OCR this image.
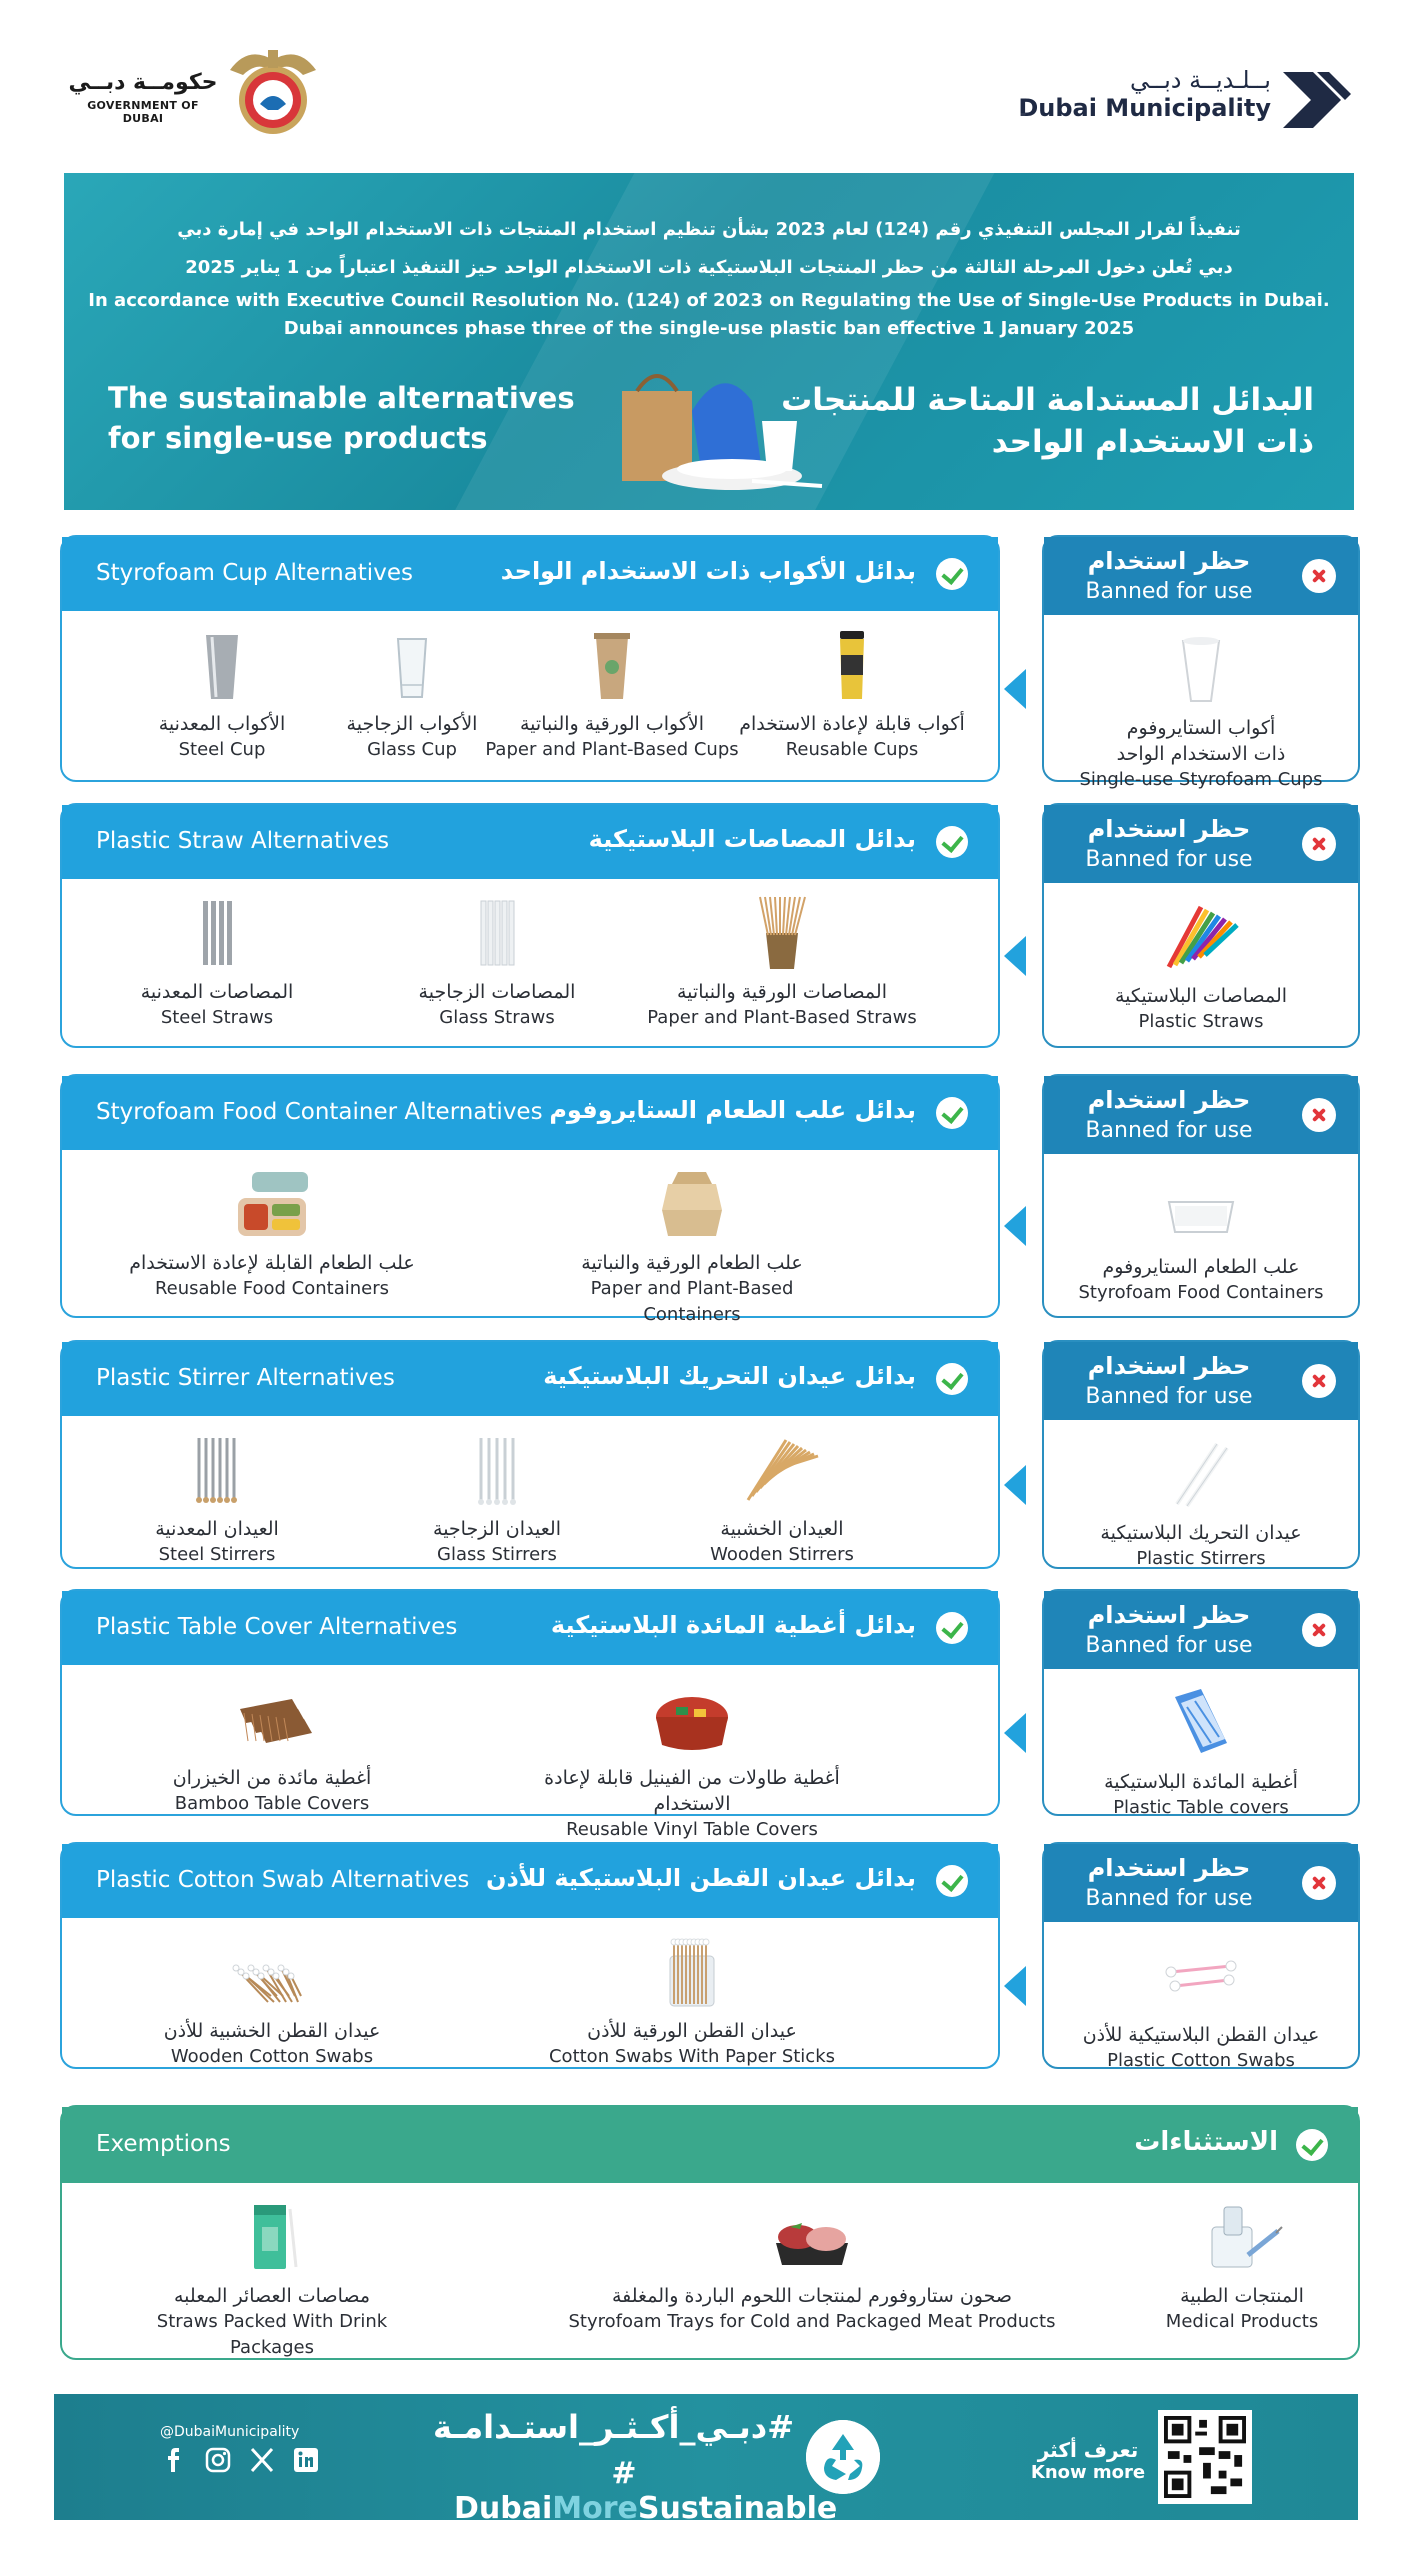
حكومــة دبــي
GOVERNMENT OF DUBAI
بــلـديــة دبــي
Dubai Municipality
تنفيذاً لقرار المجلس التنفيذي رقم (124) لعام 2023 بشأن تنظيم استخدام المنتجات ذات الاستخدام الواحد في إمارة دبي
دبي تُعلن دخول المرحلة الثالثة من حظر المنتجات البلاستيكية ذات الاستخدام الواحد حيز التنفيذ اعتباراً من 1 يناير 2025
In accordance with Executive Council Resolution No. (124) of 2023 on Regulating the Use of Single-Use Products in Dubai.
Dubai announces phase three of the single-use plastic ban effective 1 January 2025
The sustainable alternatives
for single-use products
البدائل المستدامة المتاحة للمنتجات
ذات الاستخدام الواحد
Styrofoam Cup Alternatives	بدائل الأكواب ذات الاستخدام الواحد
أكواب قابلة لإعادة الاستخدام
Reusable Cups
الأكواب الورقية والنباتية
Paper and Plant-Based Cups
الأكواب الزجاجية
Glass Cup
الأكواب المعدنية
Steel Cup
حظر استخدام
Banned for use
أكواب الستايروفوم
ذات الاستخدام الواحد
Single-use Styrofoam Cups
Plastic Straw Alternatives	بدائل المصاصات البلاستيكية
المصاصات الورقية والنباتية
Paper and Plant-Based Straws
المصاصات الزجاجية
Glass Straws
المصاصات المعدنية
Steel Straws
حظر استخدام
Banned for use
المصاصات البلاستيكية
Plastic Straws
Styrofoam Food Container Alternatives بدائل علب الطعام الستايروفوم
علب الطعام الورقية والنباتية
Paper and Plant-Based Containers
علب الطعام القابلة لإعادة الاستخدام
Reusable Food Containers
حظر استخدام
Banned for use
علب الطعام الستايروفوم
Styrofoam Food Containers
Plastic Stirrer Alternatives	بدائل عيدان التحريك البلاستيكية
العيدان الخشبية
Wooden Stirrers
العيدان الزجاجية
Glass Stirrers
العيدان المعدنية
Steel Stirrers
حظر استخدام
Banned for use
عيدان التحريك البلاستيكية
Plastic Stirrers
Plastic Table Cover Alternatives	بدائل أغطية المائدة البلاستيكية
أغطية طاولات من الفينيل قابلة لإعادة الاستخدام
Reusable Vinyl Table Covers
أغطية مائدة من الخيزران
Bamboo Table Covers
حظر استخدام
Banned for use
أغطية المائدة البلاستيكية
Plastic Table covers
Plastic Cotton Swab Alternatives بدائل عيدان القطن البلاستيكية للأذن
عيدان القطن الورقية للأذن
Cotton Swabs With Paper Sticks
عيدان القطن الخشبية للأذن
Wooden Cotton Swabs
حظر استخدام
Banned for use
عيدان القطن البلاستيكية للأذن
Plastic Cotton Swabs
Exemptions	الاستثناءات
المنتجات الطبية
Medical Products
صحون ستاروفورم لمنتجات اللحوم الباردة والمغلفة
Styrofoam Trays for Cold and Packaged Meat Products
مصاصات العصائر المعلبه
Straws Packed With Drink Packages
@DubaiMunicipality	#دبـي_أكـثـر_استـدامـة
# DubaiMoreSustainable
تعرف أكثر
Know more
